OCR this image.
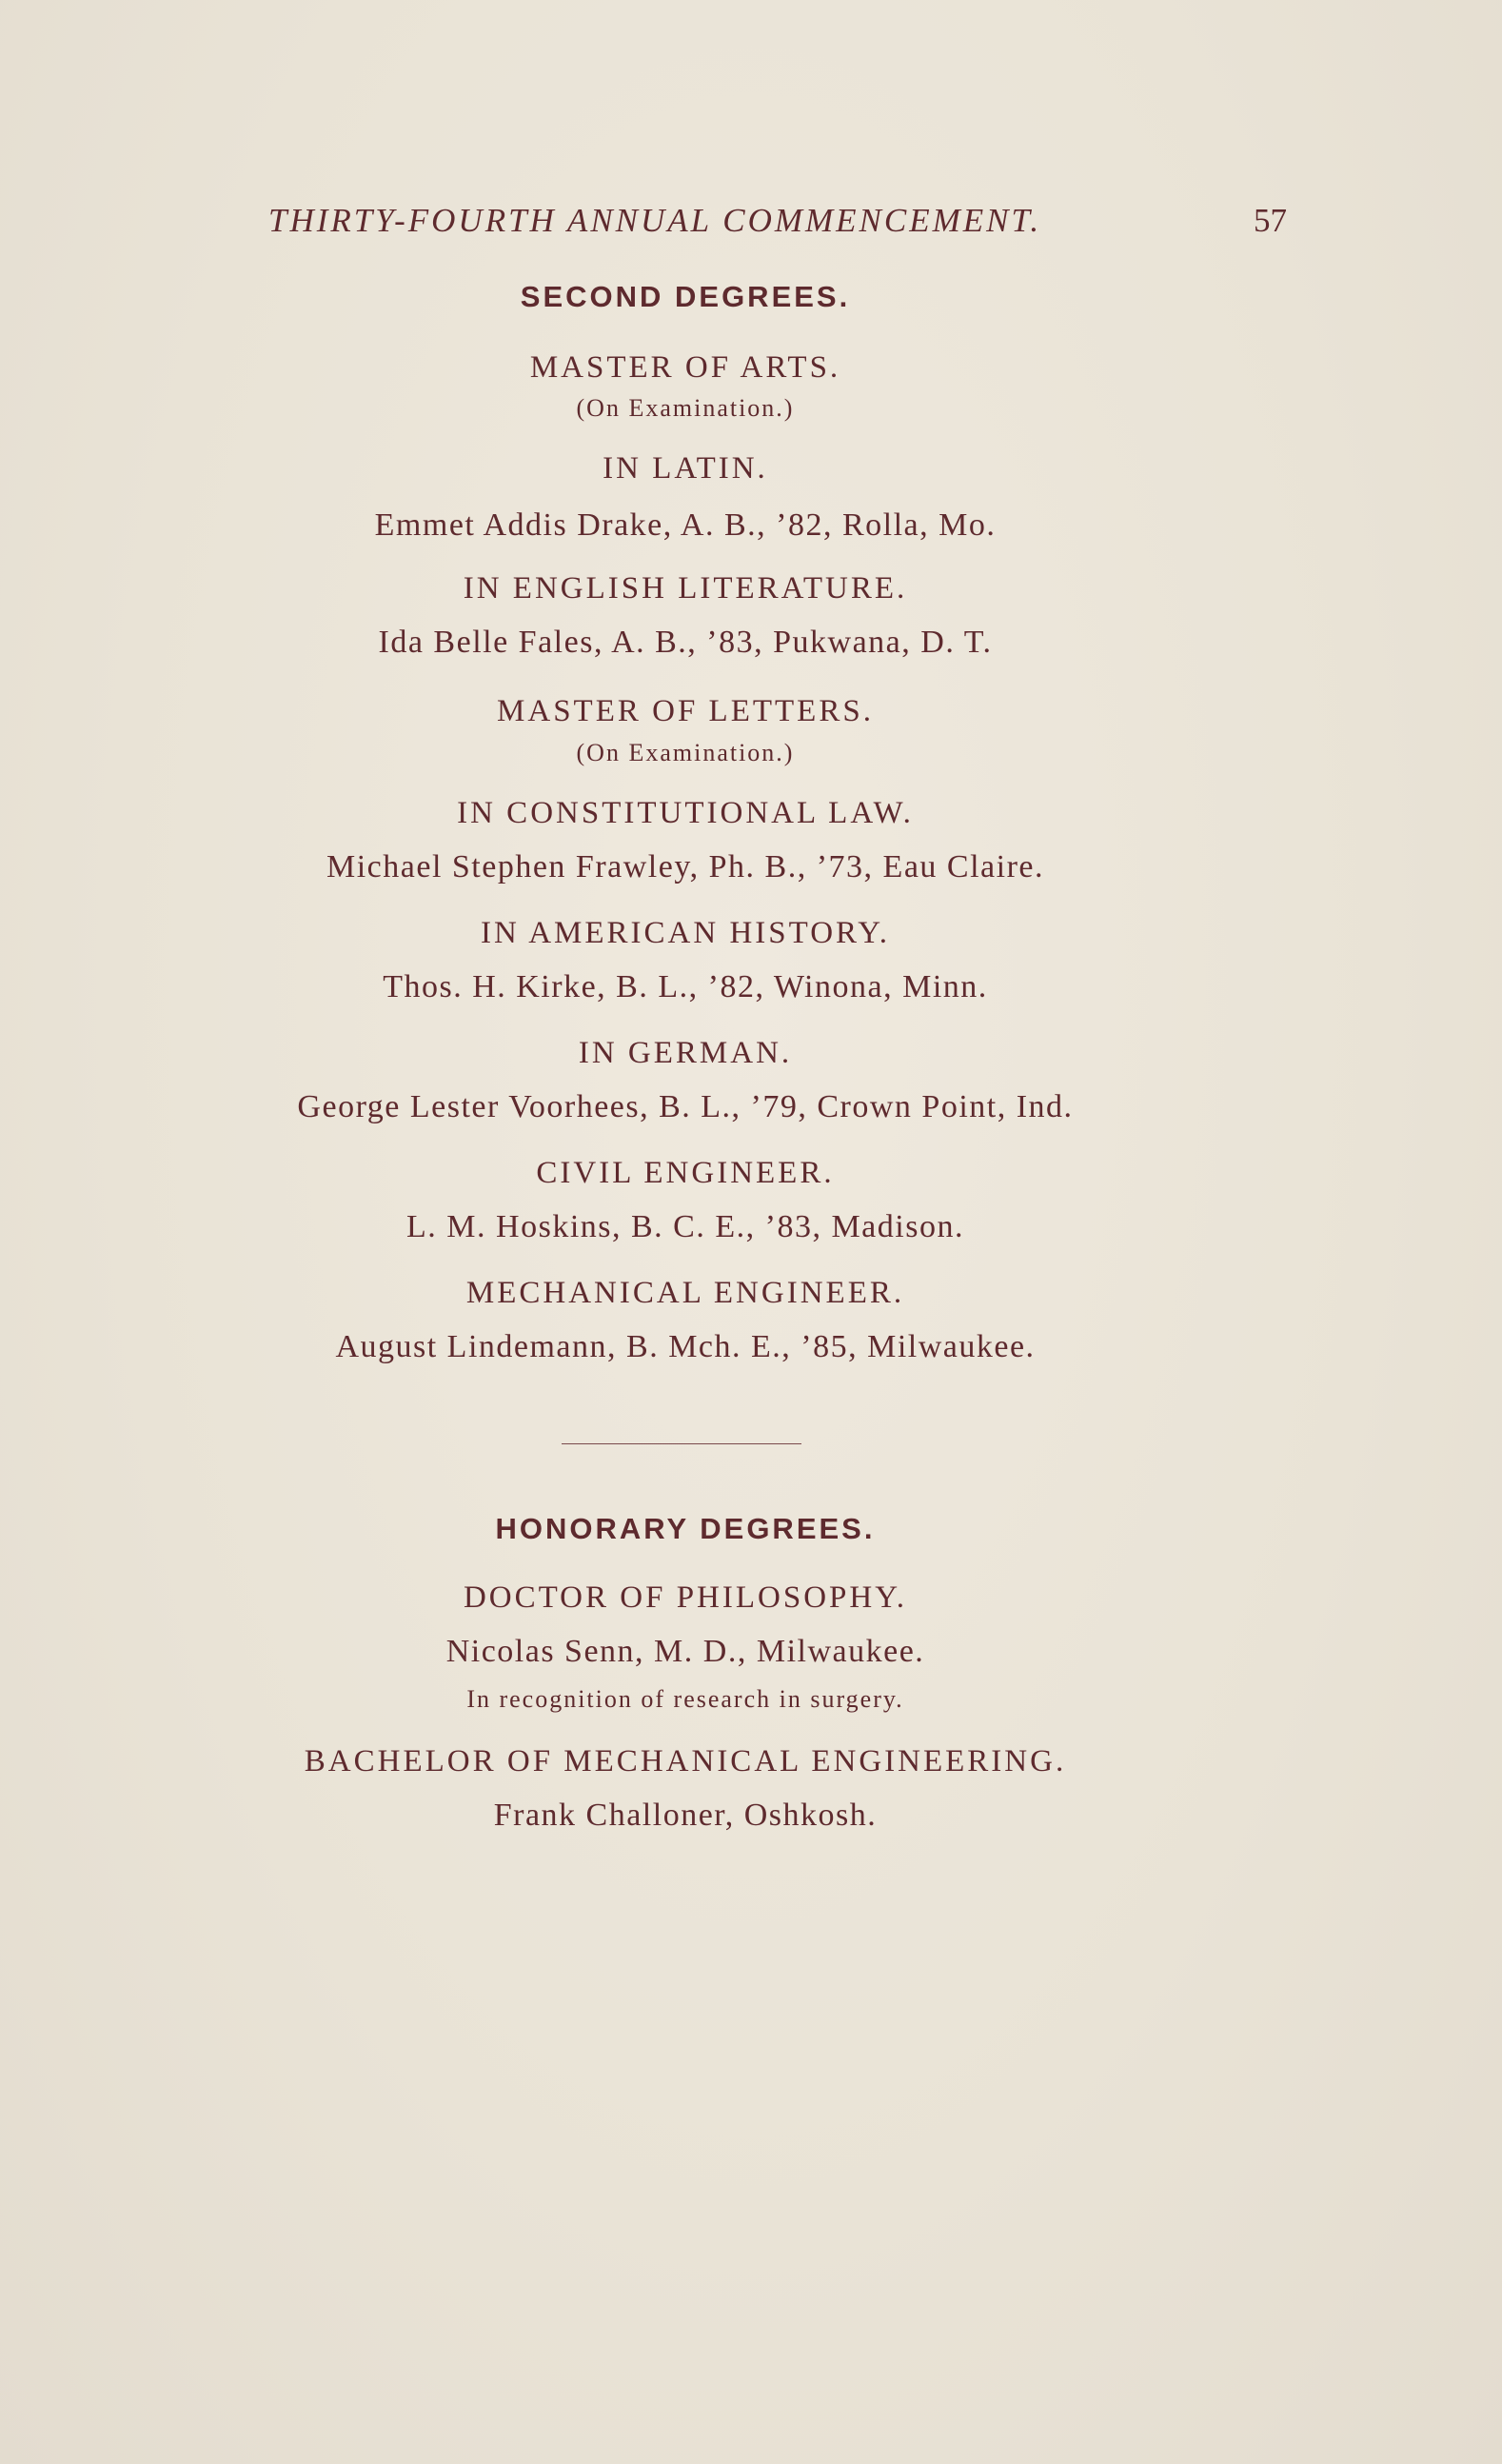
THIRTY-FOURTH ANNUAL COMMENCEMENT.	57
SECOND DEGREES.
MASTER OF ARTS.
(On Examination.)
IN LATIN.
Emmet Addis Drake, A. B., ’82, Rolla, Mo.
IN ENGLISH LITERATURE.
Ida Belle Fales, A. B., ’83, Pukwana, D. T.
MASTER OF LETTERS.
(On Examination.)
IN CONSTITUTIONAL LAW.
Michael Stephen Frawley, Ph. B., ’73, Eau Claire.
IN AMERICAN HISTORY.
Thos. H. Kirke, B. L., ’82, Winona, Minn.
IN GERMAN.
George Lester Voorhees, B. L., ’79, Crown Point, Ind.
CIVIL ENGINEER.
L. M. Hoskins, B. C. E., ’83, Madison.
MECHANICAL ENGINEER.
August Lindemann, B. Mch. E., ’85, Milwaukee.
HONORARY DEGREES.
DOCTOR OF PHILOSOPHY.
Nicolas Senn, M. D., Milwaukee.
In recognition of research in surgery.
BACHELOR OF MECHANICAL ENGINEERING.
Frank Challoner, Oshkosh.
